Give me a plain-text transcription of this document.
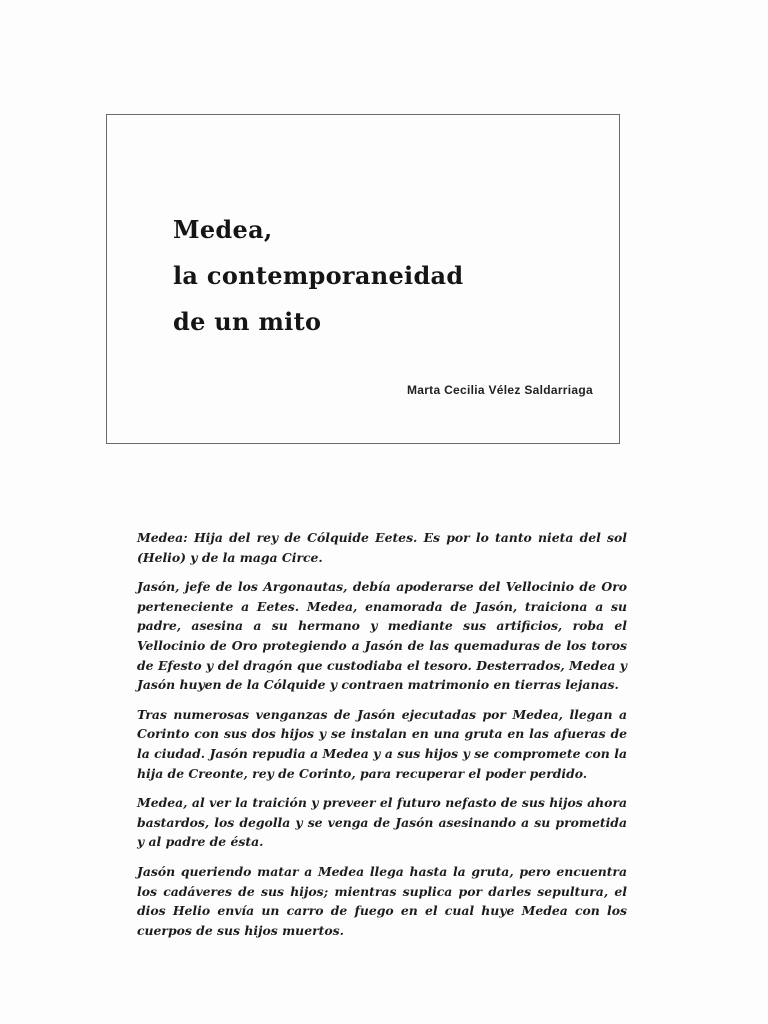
Medea,
la contemporaneidad
de un mito
Marta Cecilia Vélez Saldarriaga

Medea: Hija del rey de Cólquide Eetes. Es por lo tanto nieta del sol (Helio) y de la maga Circe.

Jasón, jefe de los Argonautas, debía apoderarse del Vellocinio de Oro perteneciente a Eetes. Medea, enamorada de Jasón, traiciona a su padre, asesina a su hermano y mediante sus artificios, roba el Vellocinio de Oro protegiendo a Jasón de las quemaduras de los toros de Efesto y del dragón que custodiaba el tesoro. Desterrados, Medea y Jasón huyen de la Cólquide y contraen matrimonio en tierras lejanas.

Tras numerosas venganzas de Jasón ejecutadas por Medea, llegan a Corinto con sus dos hijos y se instalan en una gruta en las afueras de la ciudad. Jasón repudia a Medea y a sus hijos y se compromete con la hija de Creonte, rey de Corinto, para recuperar el poder perdido.

Medea, al ver la traición y preveer el futuro nefasto de sus hijos ahora bastardos, los degolla y se venga de Jasón asesinando a su prometida y al padre de ésta.

Jasón queriendo matar a Medea llega hasta la gruta, pero encuentra los cadáveres de sus hijos; mientras suplica por darles sepultura, el dios Helio envía un carro de fuego en el cual huye Medea con los cuerpos de sus hijos muertos.
